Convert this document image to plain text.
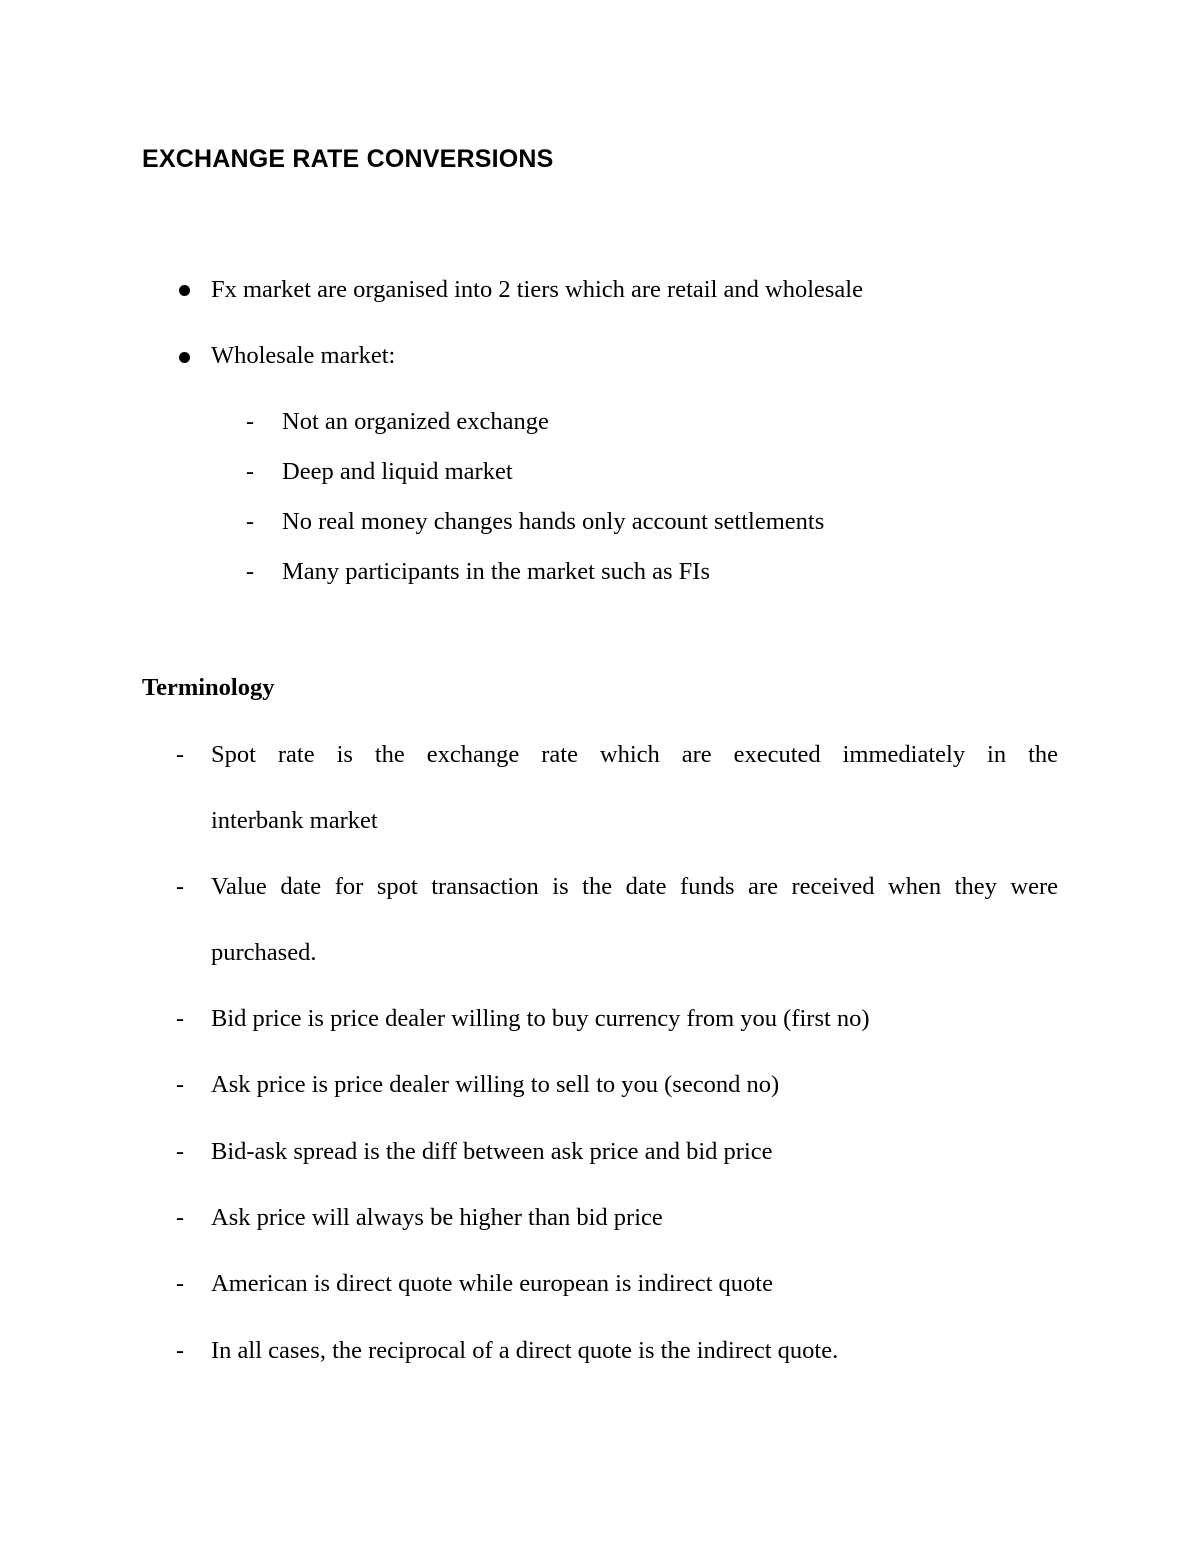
EXCHANGE RATE CONVERSIONS
Fx market are organised into 2 tiers which are retail and wholesale
Wholesale market:
- Not an organized exchange
- Deep and liquid market
- No real money changes hands only account settlements
- Many participants in the market such as FIs
Terminology
- Spot rate is the exchange rate which are executed immediately in the
interbank market
- Value date for spot transaction is the date funds are received when they were
purchased.
- Bid price is price dealer willing to buy currency from you (first no)
- Ask price is price dealer willing to sell to you (second no)
- Bid-ask spread is the diff between ask price and bid price
- Ask price will always be higher than bid price
- American is direct quote while european is indirect quote
- In all cases, the reciprocal of a direct quote is the indirect quote.
